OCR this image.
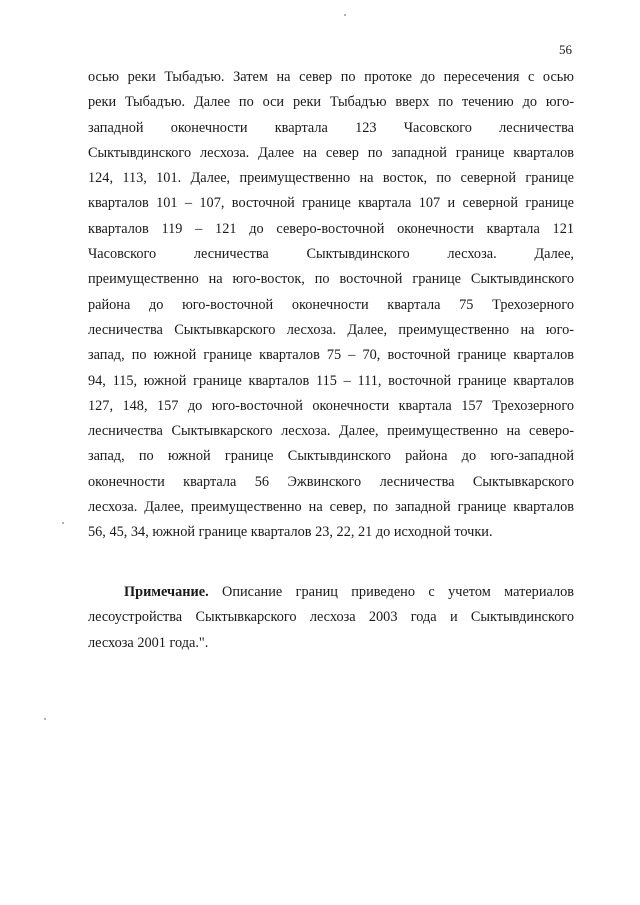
56
осью реки Тыбадъю. Затем на север по протоке до пересечения с осью
реки Тыбадъю. Далее по оси реки Тыбадъю вверх по течению до юго-
западной оконечности квартала 123 Часовского лесничества
Сыктывдинского лесхоза. Далее на север по западной границе кварталов
124, 113, 101. Далее, преимущественно на восток, по северной границе
кварталов 101 – 107, восточной границе квартала 107 и северной границе
кварталов 119 – 121 до северо-восточной оконечности квартала 121
Часовского лесничества Сыктывдинского лесхоза. Далее,
преимущественно на юго-восток, по восточной границе Сыктывдинского
района до юго-восточной оконечности квартала 75 Трехозерного
лесничества Сыктывкарского лесхоза. Далее, преимущественно на юго-
запад, по южной границе кварталов 75 – 70, восточной границе кварталов
94, 115, южной границе кварталов 115 – 111, восточной границе кварталов
127, 148, 157 до юго-восточной оконечности квартала 157 Трехозерного
лесничества Сыктывкарского лесхоза. Далее, преимущественно на северо-
запад, по южной границе Сыктывдинского района до юго-западной
оконечности квартала 56 Эжвинского лесничества Сыктывкарского
лесхоза. Далее, преимущественно на север, по западной границе кварталов
56, 45, 34, южной границе кварталов 23, 22, 21 до исходной точки.
Примечание. Описание границ приведено с учетом материалов
лесоустройства Сыктывкарского лесхоза 2003 года и Сыктывдинского
лесхоза 2001 года.".
